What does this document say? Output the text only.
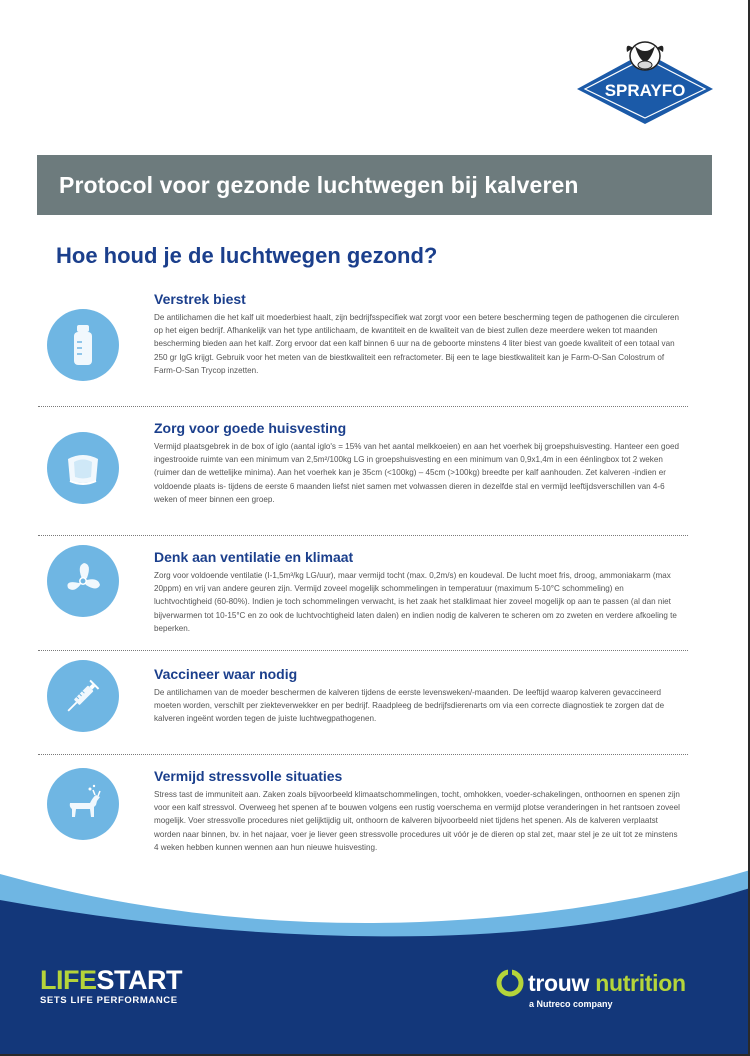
SPRAYFO
Protocol voor gezonde luchtwegen bij kalveren
Hoe houd je de luchtwegen gezond?
Verstrek biest

De antilichamen die het kalf uit moederbiest haalt, zijn bedrijfsspecifiek wat zorgt voor een betere bescherming tegen de pathogenen die circuleren op het eigen bedrijf. Afhankelijk van het type antilichaam, de kwantiteit en de kwaliteit van de biest zullen deze meerdere weken tot maanden bescherming bieden aan het kalf. Zorg ervoor dat een kalf binnen 6 uur na de geboorte minstens 4 liter biest van goede kwaliteit of een totaal van 250 gr IgG krijgt. Gebruik voor het meten van de biestkwaliteit een refractometer. Bij een te lage biestkwaliteit kan je Farm-O-San Colostrum of Farm-O-San Trycop inzetten.

Zorg voor goede huisvesting

Vermijd plaatsgebrek in de box of iglo (aantal iglo's = 15% van het aantal melkkoeien) en aan het voerhek bij groepshuisvesting. Hanteer een goed ingestrooide ruimte van een minimum van 2,5m²/100kg LG in groepshuisvesting en een minimum van 0,9x1,4m in een éénlingbox tot 2 weken (ruimer dan de wettelijke minima). Aan het voerhek kan je 35cm (<100kg) – 45cm (>100kg) breedte per kalf aanhouden. Zet kalveren -indien er voldoende plaats is- tijdens de eerste 6 maanden liefst niet samen met volwassen dieren in dezelfde stal en vermijd leeftijdsverschillen van 4-6 weken of meer binnen een groep.

Denk aan ventilatie en klimaat

Zorg voor voldoende ventilatie (I-1,5m³/kg LG/uur), maar vermijd tocht (max. 0,2m/s) en koudeval. De lucht moet fris, droog, ammoniakarm (max 20ppm) en vrij van andere geuren zijn. Vermijd zoveel mogelijk schommelingen in temperatuur (maximum 5-10°C schommeling) en luchtvochtigheid (60-80%). Indien je toch schommelingen verwacht, is het zaak het stalklimaat hier zoveel mogelijk op aan te passen (al dan niet bijverwarmen tot 10-15°C en zo ook de luchtvochtigheid laten dalen) en indien nodig de kalveren te scheren om zo zweten en verdere afkoeling te beperken.

Vaccineer waar nodig

De antilichamen van de moeder beschermen de kalveren tijdens de eerste levensweken/-maanden. De leeftijd waarop kalveren gevaccineerd moeten worden, verschilt per ziekteverwekker en per bedrijf. Raadpleeg de bedrijfsdierenarts om via een correcte diagnostiek te zorgen dat de kalveren ingeënt worden tegen de juiste luchtwegpathogenen.

Vermijd stressvolle situaties

Stress tast de immuniteit aan. Zaken zoals bijvoorbeeld klimaatschommelingen, tocht, omhokken, voeder-schakelingen, onthoornen en spenen zijn voor een kalf stressvol. Overweeg het spenen af te bouwen volgens een rustig voerschema en vermijd plotse veranderingen in het rantsoen zoveel mogelijk. Voer stressvolle procedures niet gelijktijdig uit, onthoorn de kalveren bijvoorbeeld niet tijdens het spenen. Als de kalveren verplaatst worden naar binnen, bv. in het najaar, voer je liever geen stressvolle procedures uit vóór je de dieren op stal zet, maar stel je ze uit tot ze minstens 4 weken hebben kunnen wennen aan hun nieuwe huisvesting.

LIFESTART
SETS LIFE PERFORMANCE
trouw nutrition
a Nutreco company
